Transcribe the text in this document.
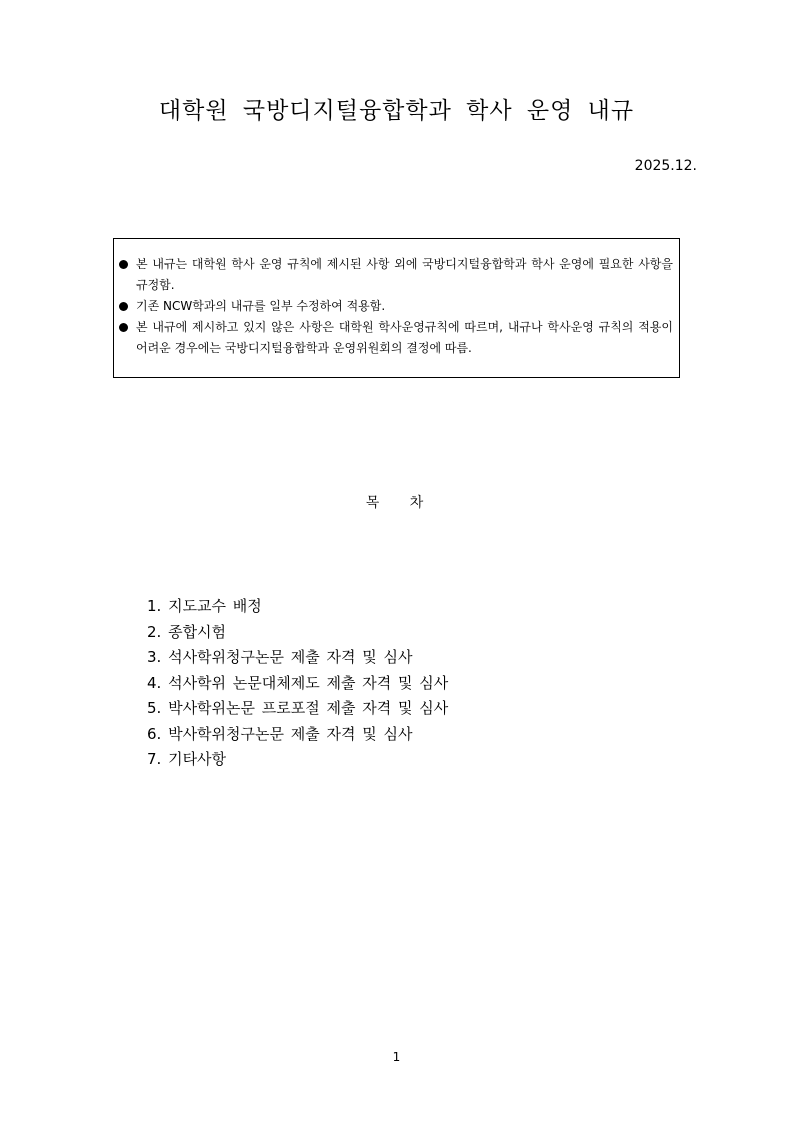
대학원 국방디지털융합학과 학사 운영 내규
2025.12.
본 내규는 대학원 학사 운영 규칙에 제시된 사항 외에 국방디지털융합학과 학사 운영에 필요한 사항을 규정함.
기존 NCW학과의 내규를 일부 수정하여 적용함.
본 내규에 제시하고 있지 않은 사항은 대학원 학사운영규칙에 따르며, 내규나 학사운영 규칙의 적용이 어려운 경우에는 국방디지털융합학과 운영위원회의 결정에 따름.
목 차
1. 지도교수 배정
2. 종합시험
3. 석사학위청구논문 제출 자격 및 심사
4. 석사학위 논문대체제도 제출 자격 및 심사
5. 박사학위논문 프로포절 제출 자격 및 심사
6. 박사학위청구논문 제출 자격 및 심사
7. 기타사항
1
